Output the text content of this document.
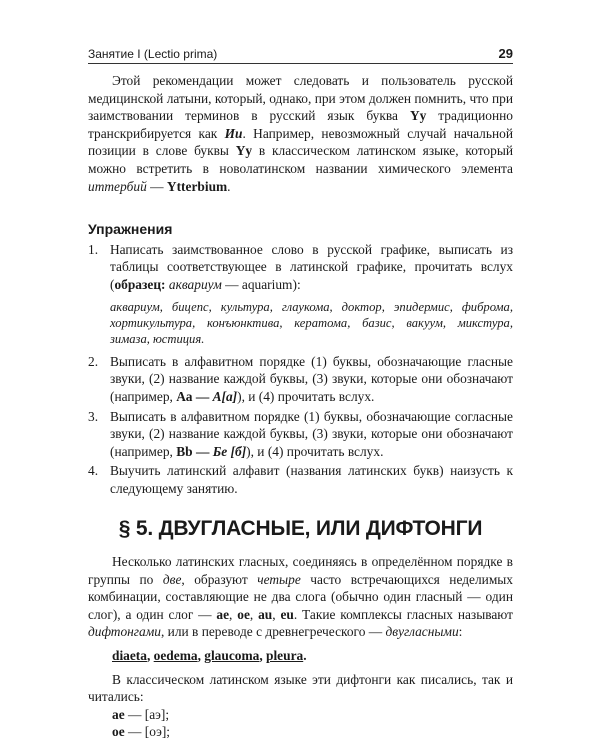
Занятие I (Lectio prima)	29

Этой рекомендации может следовать и пользователь русской медицинской латыни, который, однако, при этом должен помнить, что при заимствовании терминов в русский язык буква Yy традиционно транскрибируется как Ии. Например, невозможный случай начальной позиции в слове буквы Yy в классическом латинском языке, который можно встретить в новолатинском названии химического элемента иттербий — Ytterbium.

Упражнения
1. Написать заимствованное слово в русской графике, выписать из таблицы соответствующее в латинской графике, прочитать вслух (образец: аквариум — aquarium):
аквариум, бицепс, культура, глаукома, доктор, эпидермис, фиброма, хортикультура, конъюнктива, кератома, базис, вакуум, микстура, зимаза, юстиция.
2. Выписать в алфавитном порядке (1) буквы, обозначающие гласные звуки, (2) название каждой буквы, (3) звуки, которые они обозначают (например, Аа — А[а]), и (4) прочитать вслух.
3. Выписать в алфавитном порядке (1) буквы, обозначающие согласные звуки, (2) название каждой буквы, (3) звуки, которые они обозначают (например, Bb — Бе [б]), и (4) прочитать вслух.
4. Выучить латинский алфавит (названия латинских букв) наизусть к следующему занятию.
§ 5. ДВУГЛАСНЫЕ, ИЛИ ДИФТОНГИ

Несколько латинских гласных, соединяясь в определённом порядке в группы по две, образуют четыре часто встречающихся неделимых комбинации, составляющие не два слога (обычно один гласный — один слог), а один слог — ae, oe, au, eu. Такие комплексы гласных называют дифтонгами, или в переводе с древнегреческого — двугласными:

diaeta, oedema, glaucoma, pleura.

В классическом латинском языке эти дифтонги как писались, так и читались:

ae — [аэ];
oe — [оэ];
